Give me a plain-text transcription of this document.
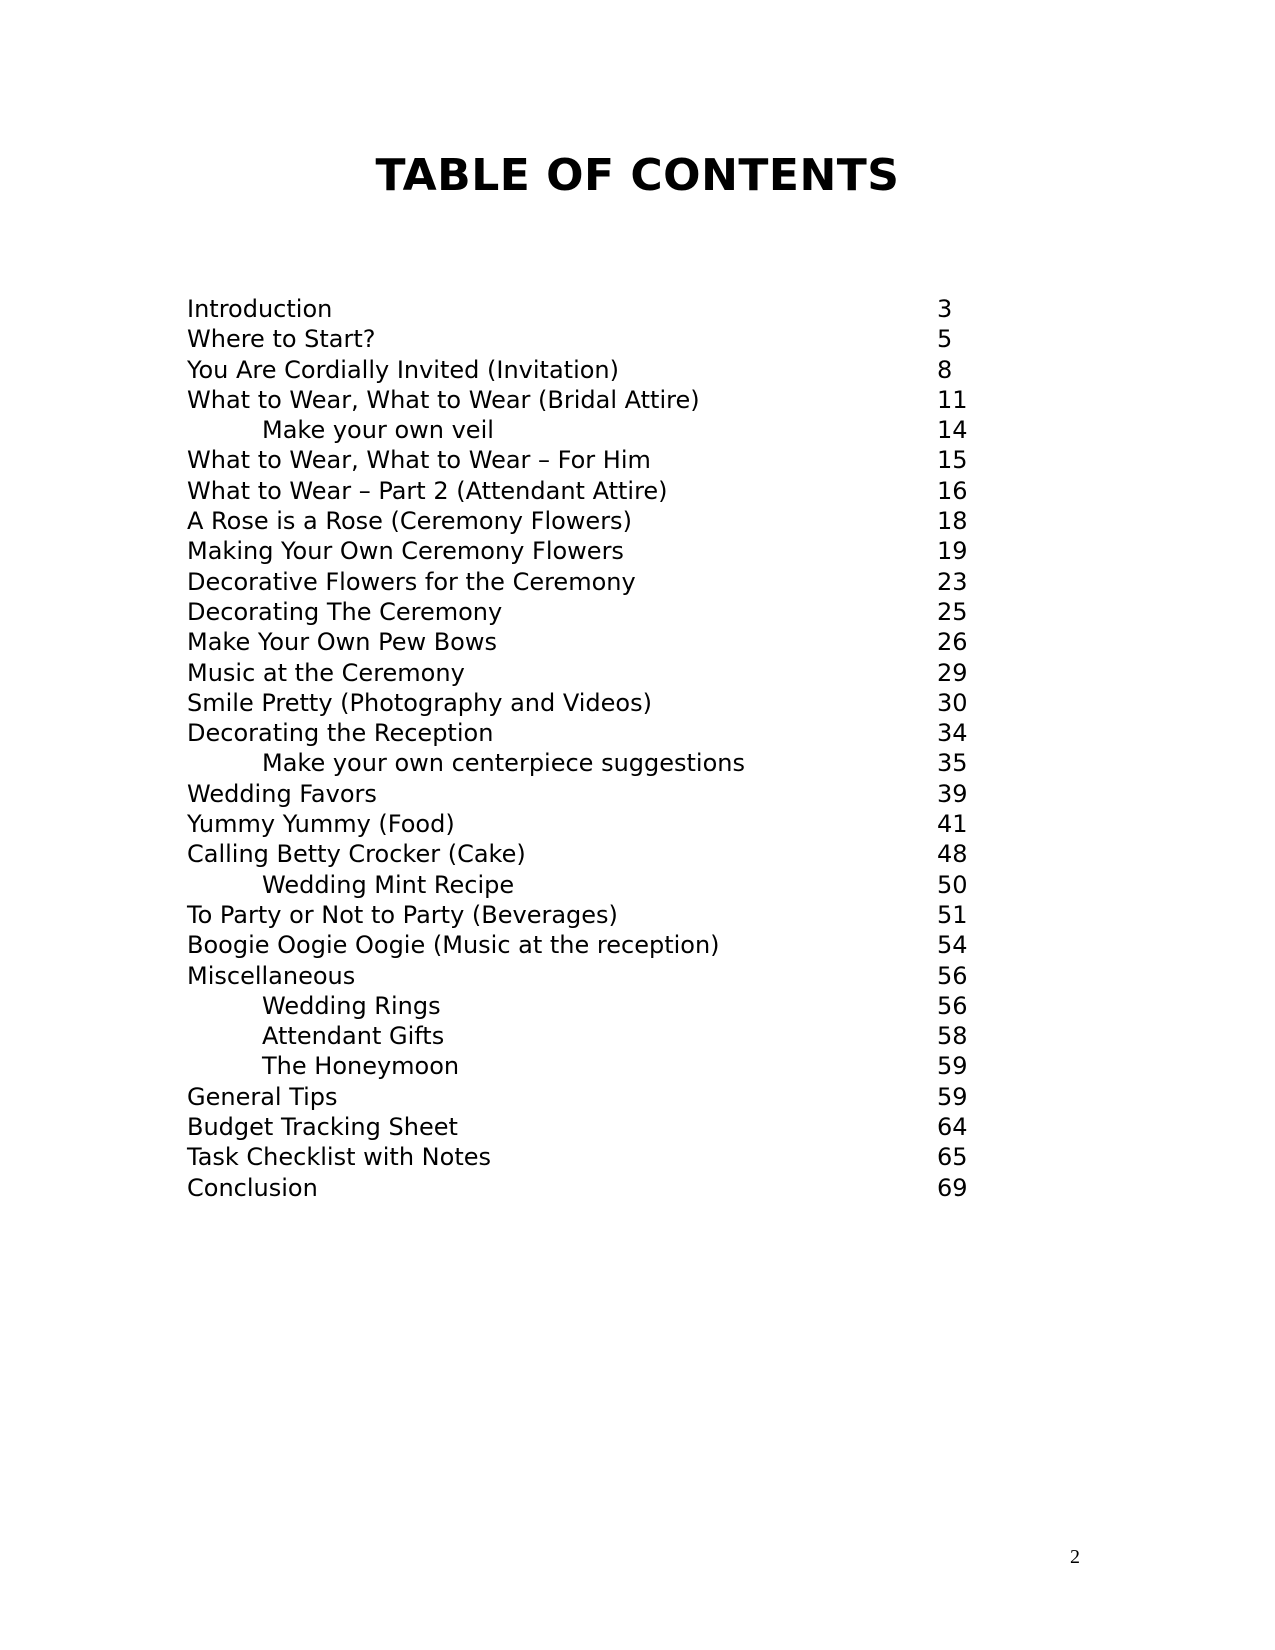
TABLE OF CONTENTS
Introduction	3
Where to Start?	5
You Are Cordially Invited (Invitation)	8
What to Wear, What to Wear (Bridal Attire)	11
Make your own veil	14
What to Wear, What to Wear – For Him	15
What to Wear – Part 2 (Attendant Attire)	16
A Rose is a Rose (Ceremony Flowers)	18
Making Your Own Ceremony Flowers	19
Decorative Flowers for the Ceremony	23
Decorating The Ceremony	25
Make Your Own Pew Bows	26
Music at the Ceremony	29
Smile Pretty (Photography and Videos)	30
Decorating the Reception	34
Make your own centerpiece suggestions	35
Wedding Favors	39
Yummy Yummy (Food)	41
Calling Betty Crocker (Cake)	48
Wedding Mint Recipe	50
To Party or Not to Party (Beverages)	51
Boogie Oogie Oogie (Music at the reception)	54
Miscellaneous	56
Wedding Rings	56
Attendant Gifts	58
The Honeymoon	59
General Tips	59
Budget Tracking Sheet	64
Task Checklist with Notes	65
Conclusion	69
2
